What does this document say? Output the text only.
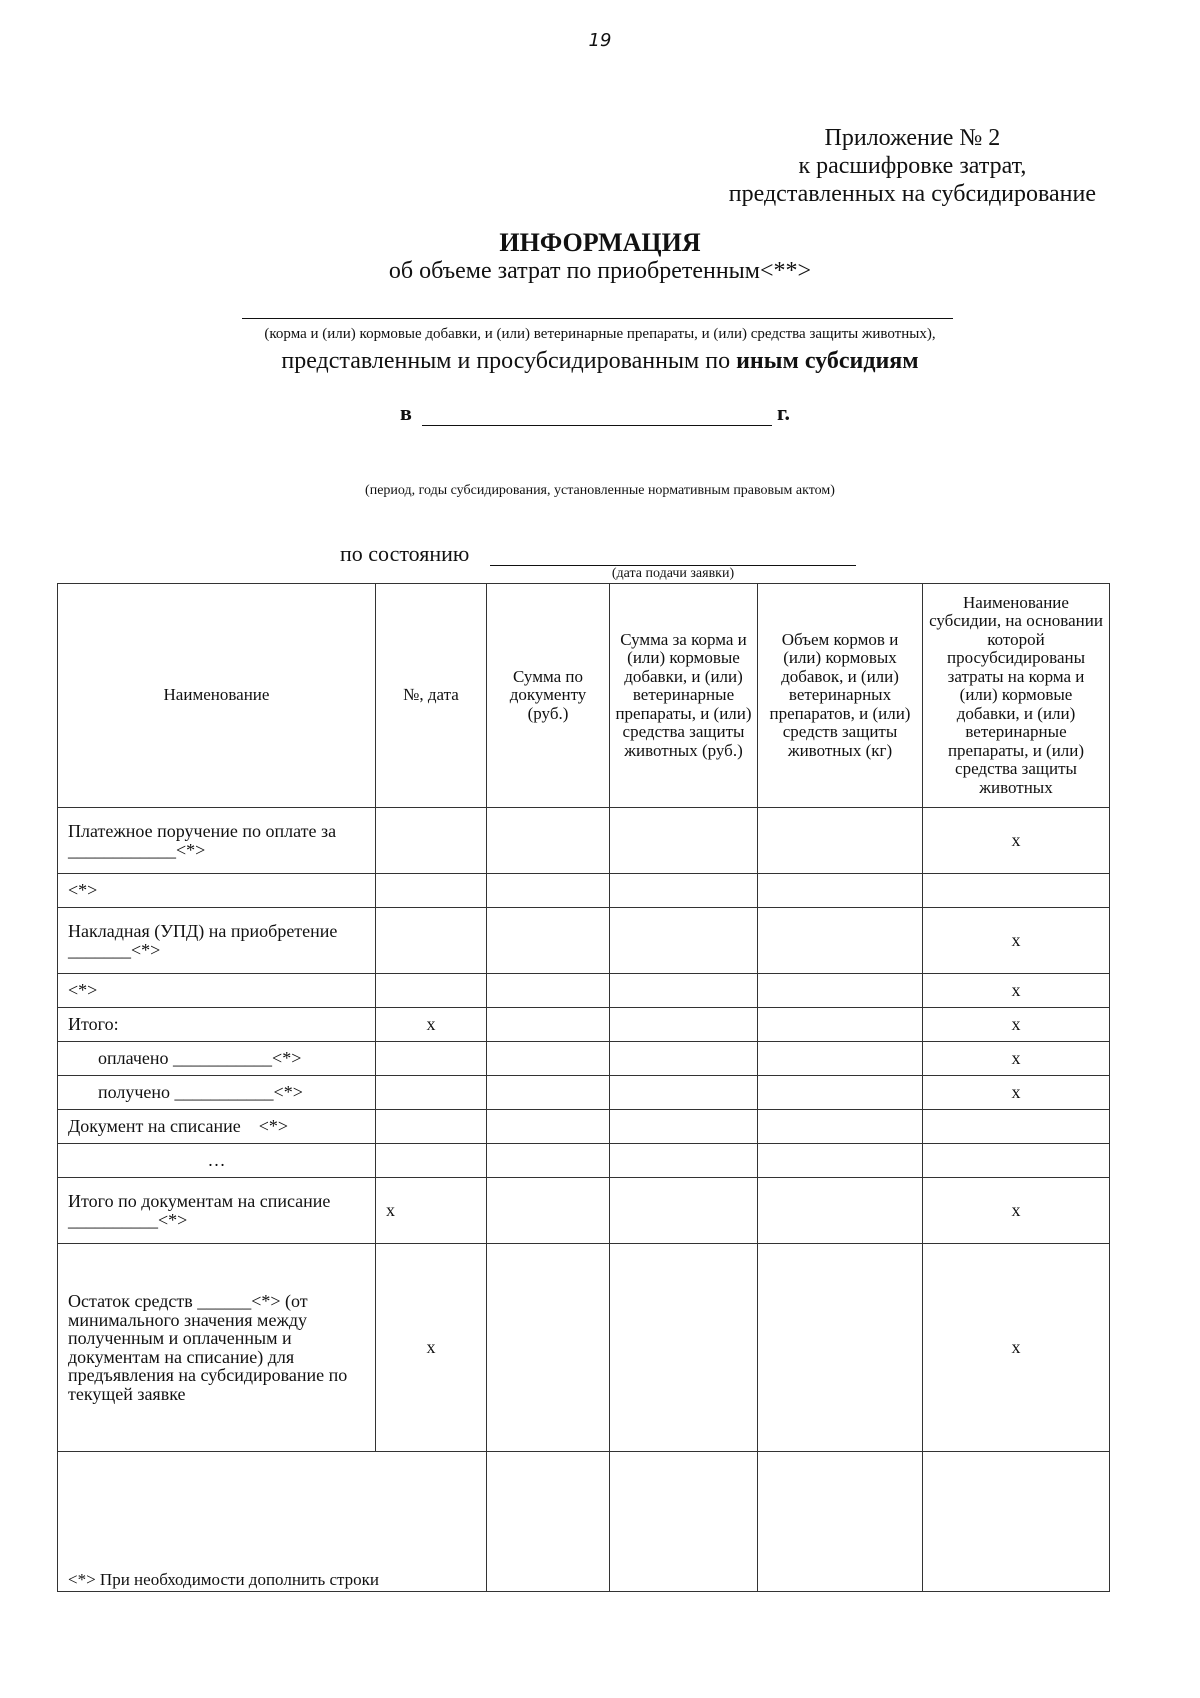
19
Приложение № 2
к расшифровке затрат,
представленных на субсидирование
ИНФОРМАЦИЯ
об объеме затрат по приобретенным<**>
(корма и (или) кормовые добавки, и (или) ветеринарные препараты, и (или) средства защиты животных),
представленным и просубсидированным по иным субсидиям
в	г.
(период, годы субсидирования, установленные нормативным правовым актом)
по состоянию
(дата подачи заявки)
Наименование	№, дата	Сумма по документу (руб.)	Сумма за корма и (или) кормовые добавки, и (или) ветеринарные препараты, и (или) средства защиты животных (руб.)	Объем кормов и (или) кормовых добавок, и (или) ветеринарных препаратов, и (или) средств защиты животных (кг)	Наименование субсидии, на основании которой просубсидированы затраты на корма и (или) кормовые добавки, и (или) ветеринарные препараты, и (или) средства защиты животных
Платежное поручение по оплате за ____________<*>					x
<*>					
Накладная (УПД) на приобретение _______<*>					x
<*>					x
Итого:	x				x
оплачено ___________<*>					x
получено ___________<*>					x
Документ на списание    <*>					
…					
Итого по документам на списание __________<*>	x				x
Остаток средств ______<*> (от минимального значения между полученным и оплаченным и документам на списание) для предъявления на субсидирование по текущей заявке	x				x
<*> При необходимости дополнить строки					
